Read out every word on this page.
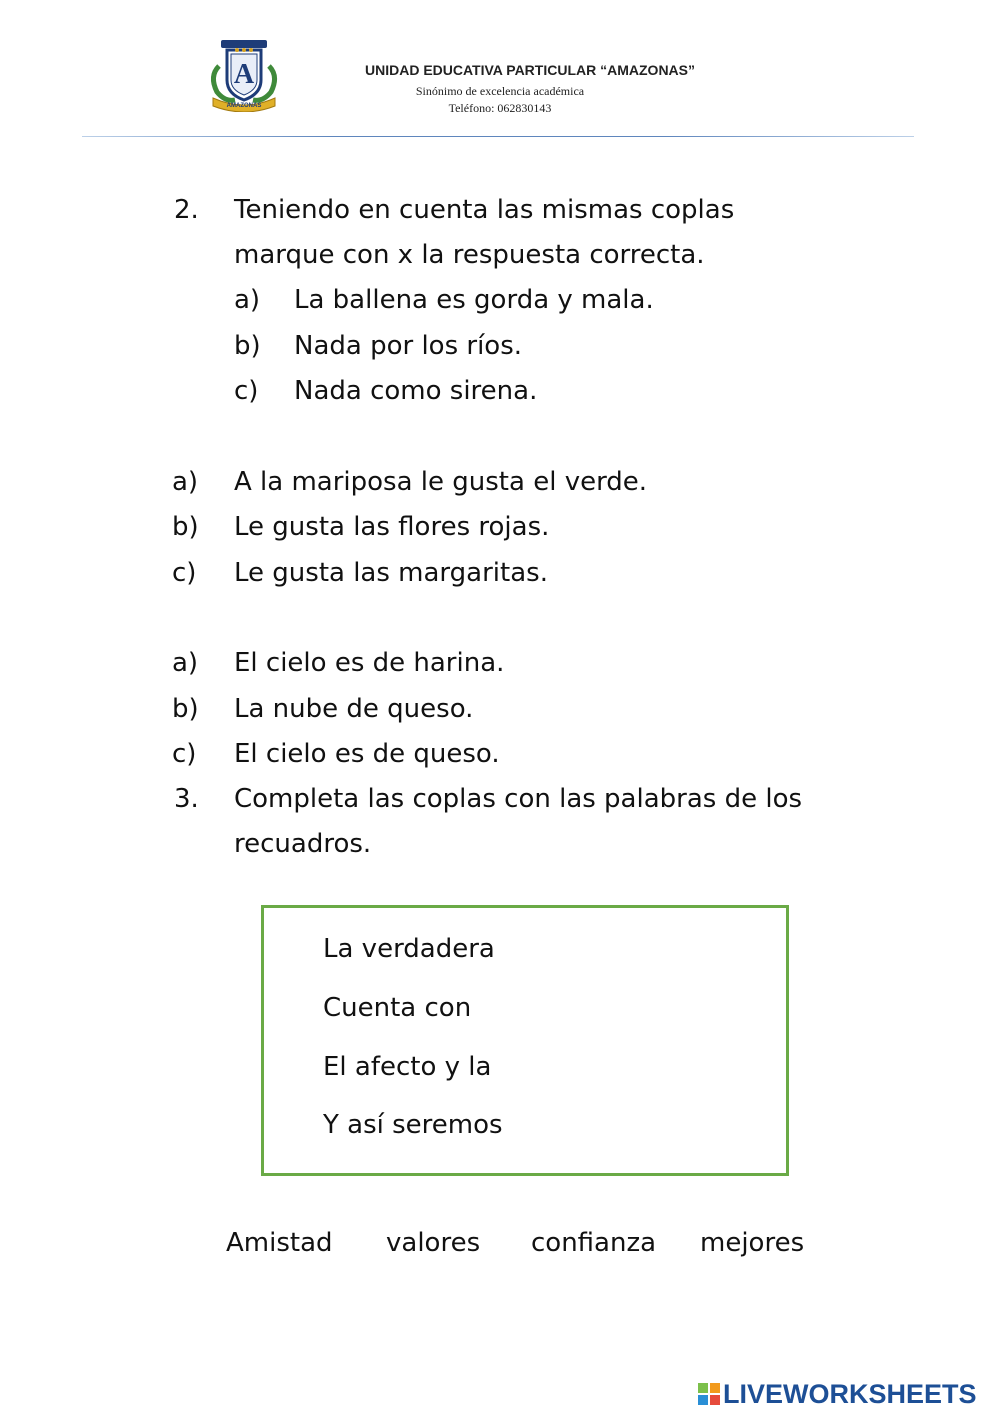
A
AMAZONAS
UNIDAD EDUCATIVA PARTICULAR “AMAZONAS”
Sinónimo de excelencia académica
Teléfono: 062830143
2. Teniendo en cuenta las mismas coplas
marque con x la respuesta correcta.
a) La ballena es gorda y mala.
b) Nada por los ríos.
c) Nada como sirena.
a) A la mariposa le gusta el verde.
b) Le gusta las flores rojas.
c) Le gusta las margaritas.
a) El cielo es de harina.
b) La nube de queso.
c) El cielo es de queso.
3. Completa las coplas con las palabras de los
recuadros.
La verdadera
Cuenta con
El afecto y la
Y así seremos
Amistad valores confianza mejores
LIVEWORKSHEETS
